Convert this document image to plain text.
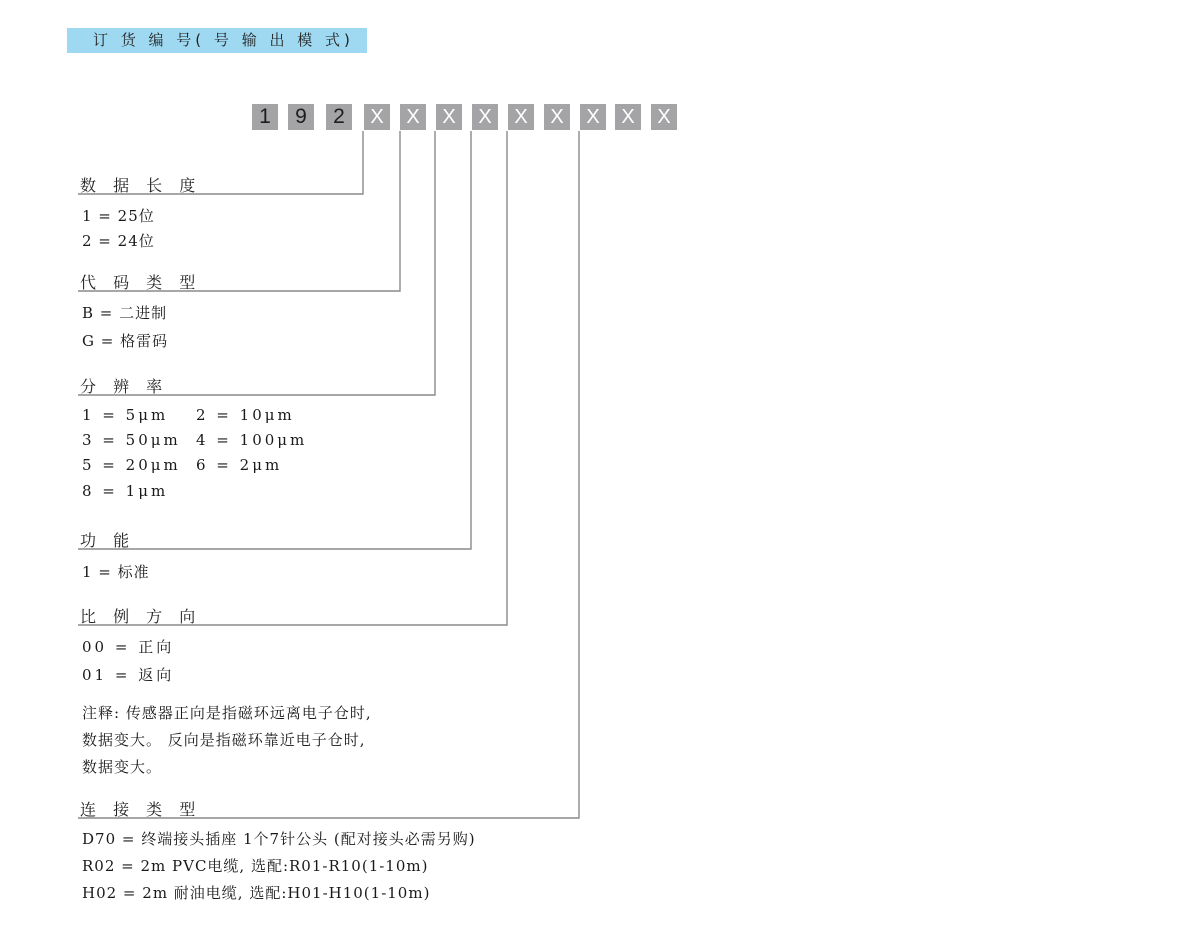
订 货 编 号( 号 输 出 模 式)
1	9	2	X	X	X	X	X	X	X	X	X
数 据 长 度
1 = 25位
2 = 24位
代 码 类 型
B = 二进制
G = 格雷码
分 辨 率
1 = 5μm 2 = 10μm
3 = 50μm 4 = 100μm
5 = 20μm 6 = 2μm
8 = 1μm
功 能
1 = 标准
比 例 方 向
00 = 正向
01 = 返向
注释: 传感器正向是指磁环远离电子仓时,
数据变大。 反向是指磁环靠近电子仓时,
数据变大。
连 接 类 型
D70 = 终端接头插座 1个7针公头 (配对接头必需另购)
R02 = 2m PVC电缆, 选配:R01-R10(1-10m)
H02 = 2m 耐油电缆, 选配:H01-H10(1-10m)
